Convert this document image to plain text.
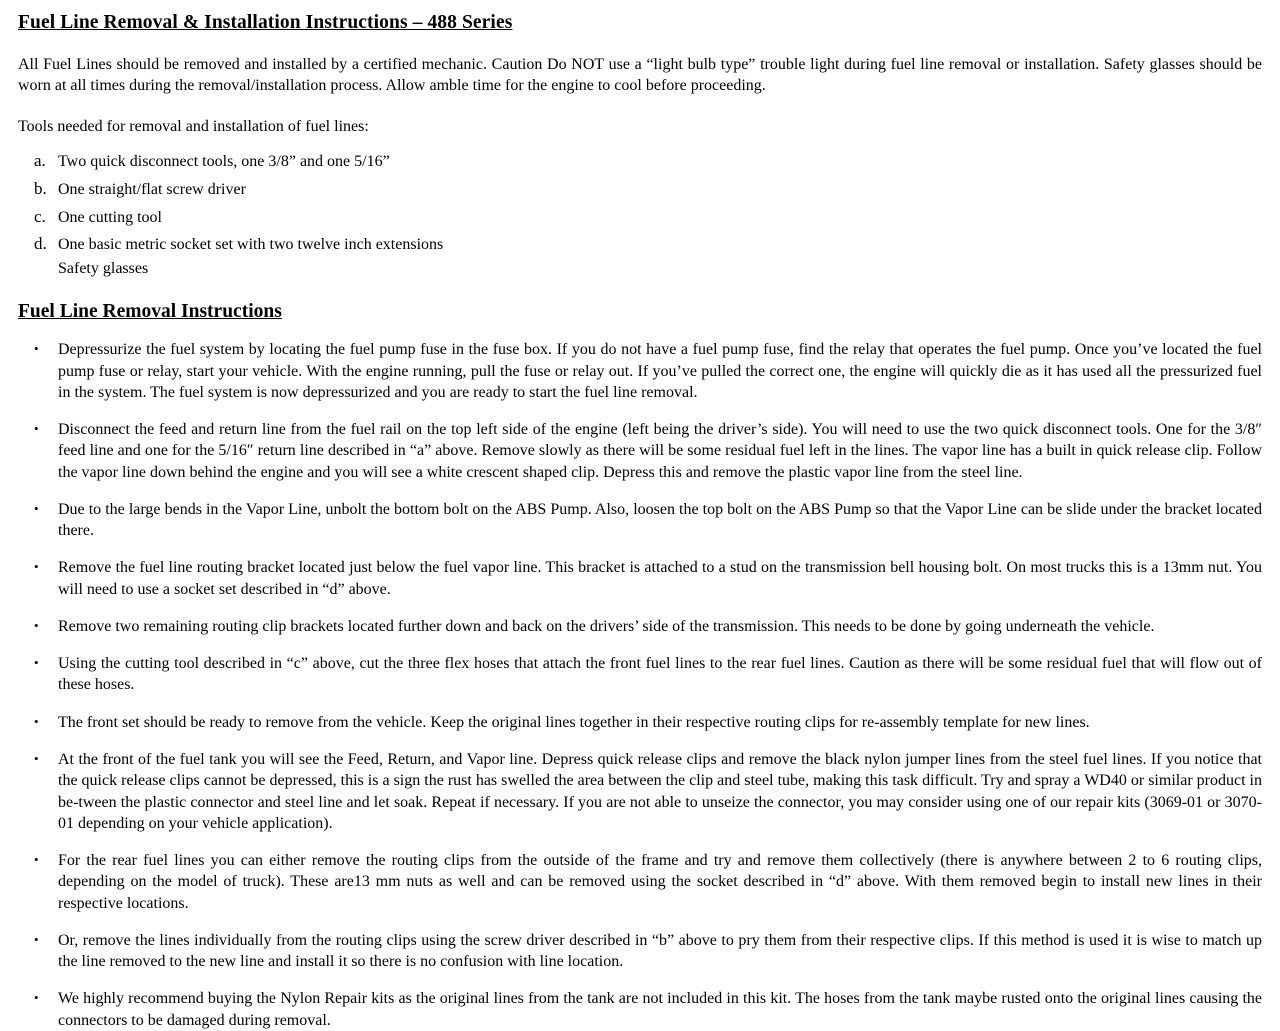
Fuel Line Removal & Installation Instructions – 488 Series

All Fuel Lines should be removed and installed by a certified mechanic. Caution Do NOT use a “light bulb type” trouble light during fuel line removal or installation. Safety glasses should be worn at all times during the removal/installation process. Allow amble time for the engine to cool before proceeding.

Tools needed for removal and installation of fuel lines:

a. Two quick disconnect tools, one 3/8” and one 5/16”
b. One straight/flat screw driver
c. One cutting tool
d. One basic metric socket set with two twelve inch extensions
Safety glasses
Fuel Line Removal Instructions
• Depressurize the fuel system by locating the fuel pump fuse in the fuse box. If you do not have a fuel pump fuse, find the relay that operates the fuel pump. Once you’ve located the fuel pump fuse or relay, start your vehicle. With the engine running, pull the fuse or relay out. If you’ve pulled the correct one, the engine will quickly die as it has used all the pressurized fuel in the system. The fuel system is now depressurized and you are ready to start the fuel line removal.
• Disconnect the feed and return line from the fuel rail on the top left side of the engine (left being the driver’s side). You will need to use the two quick disconnect tools. One for the 3/8″ feed line and one for the 5/16″ return line described in “a” above. Remove slowly as there will be some residual fuel left in the lines. The vapor line has a built in quick release clip. Follow the vapor line down behind the engine and you will see a white crescent shaped clip. Depress this and remove the plastic vapor line from the steel line.
• Due to the large bends in the Vapor Line, unbolt the bottom bolt on the ABS Pump. Also, loosen the top bolt on the ABS Pump so that the Vapor Line can be slide under the bracket located there.
• Remove the fuel line routing bracket located just below the fuel vapor line. This bracket is attached to a stud on the transmission bell housing bolt. On most trucks this is a 13mm nut. You will need to use a socket set described in “d” above.
• Remove two remaining routing clip brackets located further down and back on the drivers’ side of the transmission. This needs to be done by going underneath the vehicle.
• Using the cutting tool described in “c” above, cut the three flex hoses that attach the front fuel lines to the rear fuel lines. Caution as there will be some residual fuel that will flow out of these hoses.
• The front set should be ready to remove from the vehicle. Keep the original lines together in their respective routing clips for re-assembly template for new lines.
• At the front of the fuel tank you will see the Feed, Return, and Vapor line. Depress quick release clips and remove the black nylon jumper lines from the steel fuel lines. If you notice that the quick release clips cannot be depressed, this is a sign the rust has swelled the area between the clip and steel tube, making this task difficult. Try and spray a WD40 or similar product in be-tween the plastic connector and steel line and let soak. Repeat if necessary. If you are not able to unseize the connector, you may consider using one of our repair kits (3069-01 or 3070-01 depending on your vehicle application).
• For the rear fuel lines you can either remove the routing clips from the outside of the frame and try and remove them collectively (there is anywhere between 2 to 6 routing clips, depending on the model of truck). These are13 mm nuts as well and can be removed using the socket described in “d” above. With them removed begin to install new lines in their respective locations.
• Or, remove the lines individually from the routing clips using the screw driver described in “b” above to pry them from their respective clips. If this method is used it is wise to match up the line removed to the new line and install it so there is no confusion with line location.
• We highly recommend buying the Nylon Repair kits as the original lines from the tank are not included in this kit. The hoses from the tank maybe rusted onto the original lines causing the connectors to be damaged during removal.
